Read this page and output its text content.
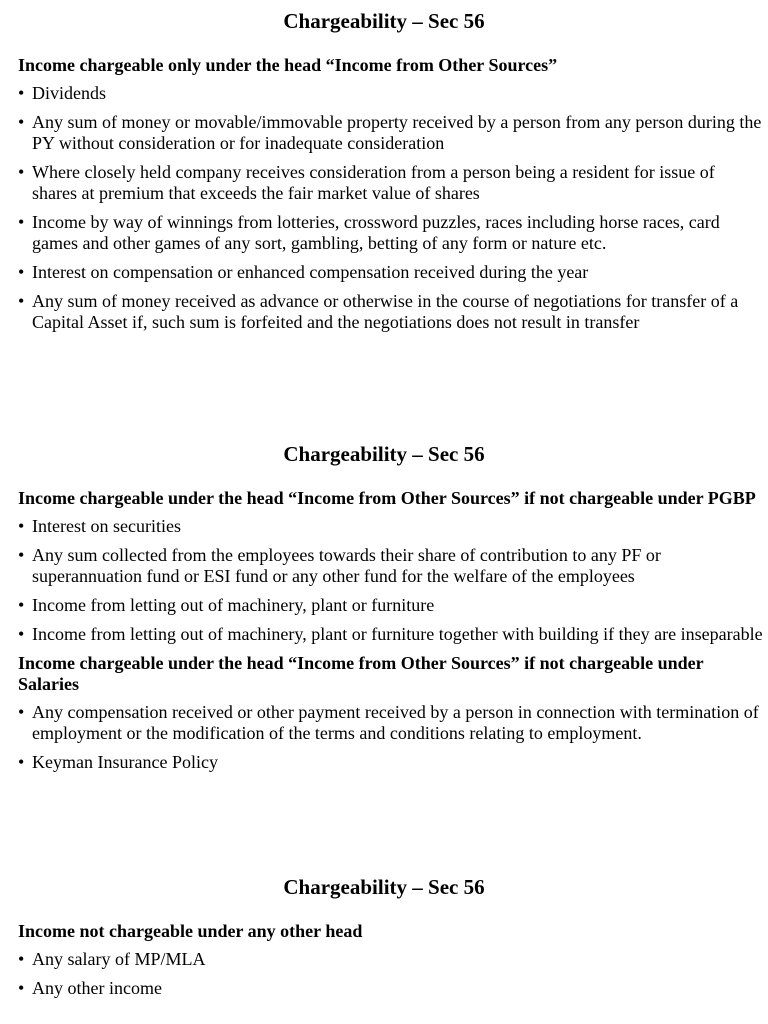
Chargeability – Sec 56

Income chargeable only under the head “Income from Other Sources”

• Dividends
• Any sum of money or movable/immovable property received by a person from any person during the PY without consideration or for inadequate consideration
• Where closely held company receives consideration from a person being a resident for issue of shares at premium that exceeds the fair market value of shares
• Income by way of winnings from lotteries, crossword puzzles, races including horse races, card games and other games of any sort, gambling, betting of any form or nature etc.
• Interest on compensation or enhanced compensation received during the year
• Any sum of money received as advance or otherwise in the course of negotiations for transfer of a Capital Asset if, such sum is forfeited and the negotiations does not result in transfer
Chargeability – Sec 56

Income chargeable under the head “Income from Other Sources” if not chargeable under PGBP

• Interest on securities
• Any sum collected from the employees towards their share of contribution to any PF or superannuation fund or ESI fund or any other fund for the welfare of the employees
• Income from letting out of machinery, plant or furniture
• Income from letting out of machinery, plant or furniture together with building if they are inseparable

Income chargeable under the head “Income from Other Sources” if not chargeable under Salaries

• Any compensation received or other payment received by a person in connection with termination of employment or the modification of the terms and conditions relating to employment.
• Keyman Insurance Policy
Chargeability – Sec 56

Income not chargeable under any other head

• Any salary of MP/MLA
• Any other income
